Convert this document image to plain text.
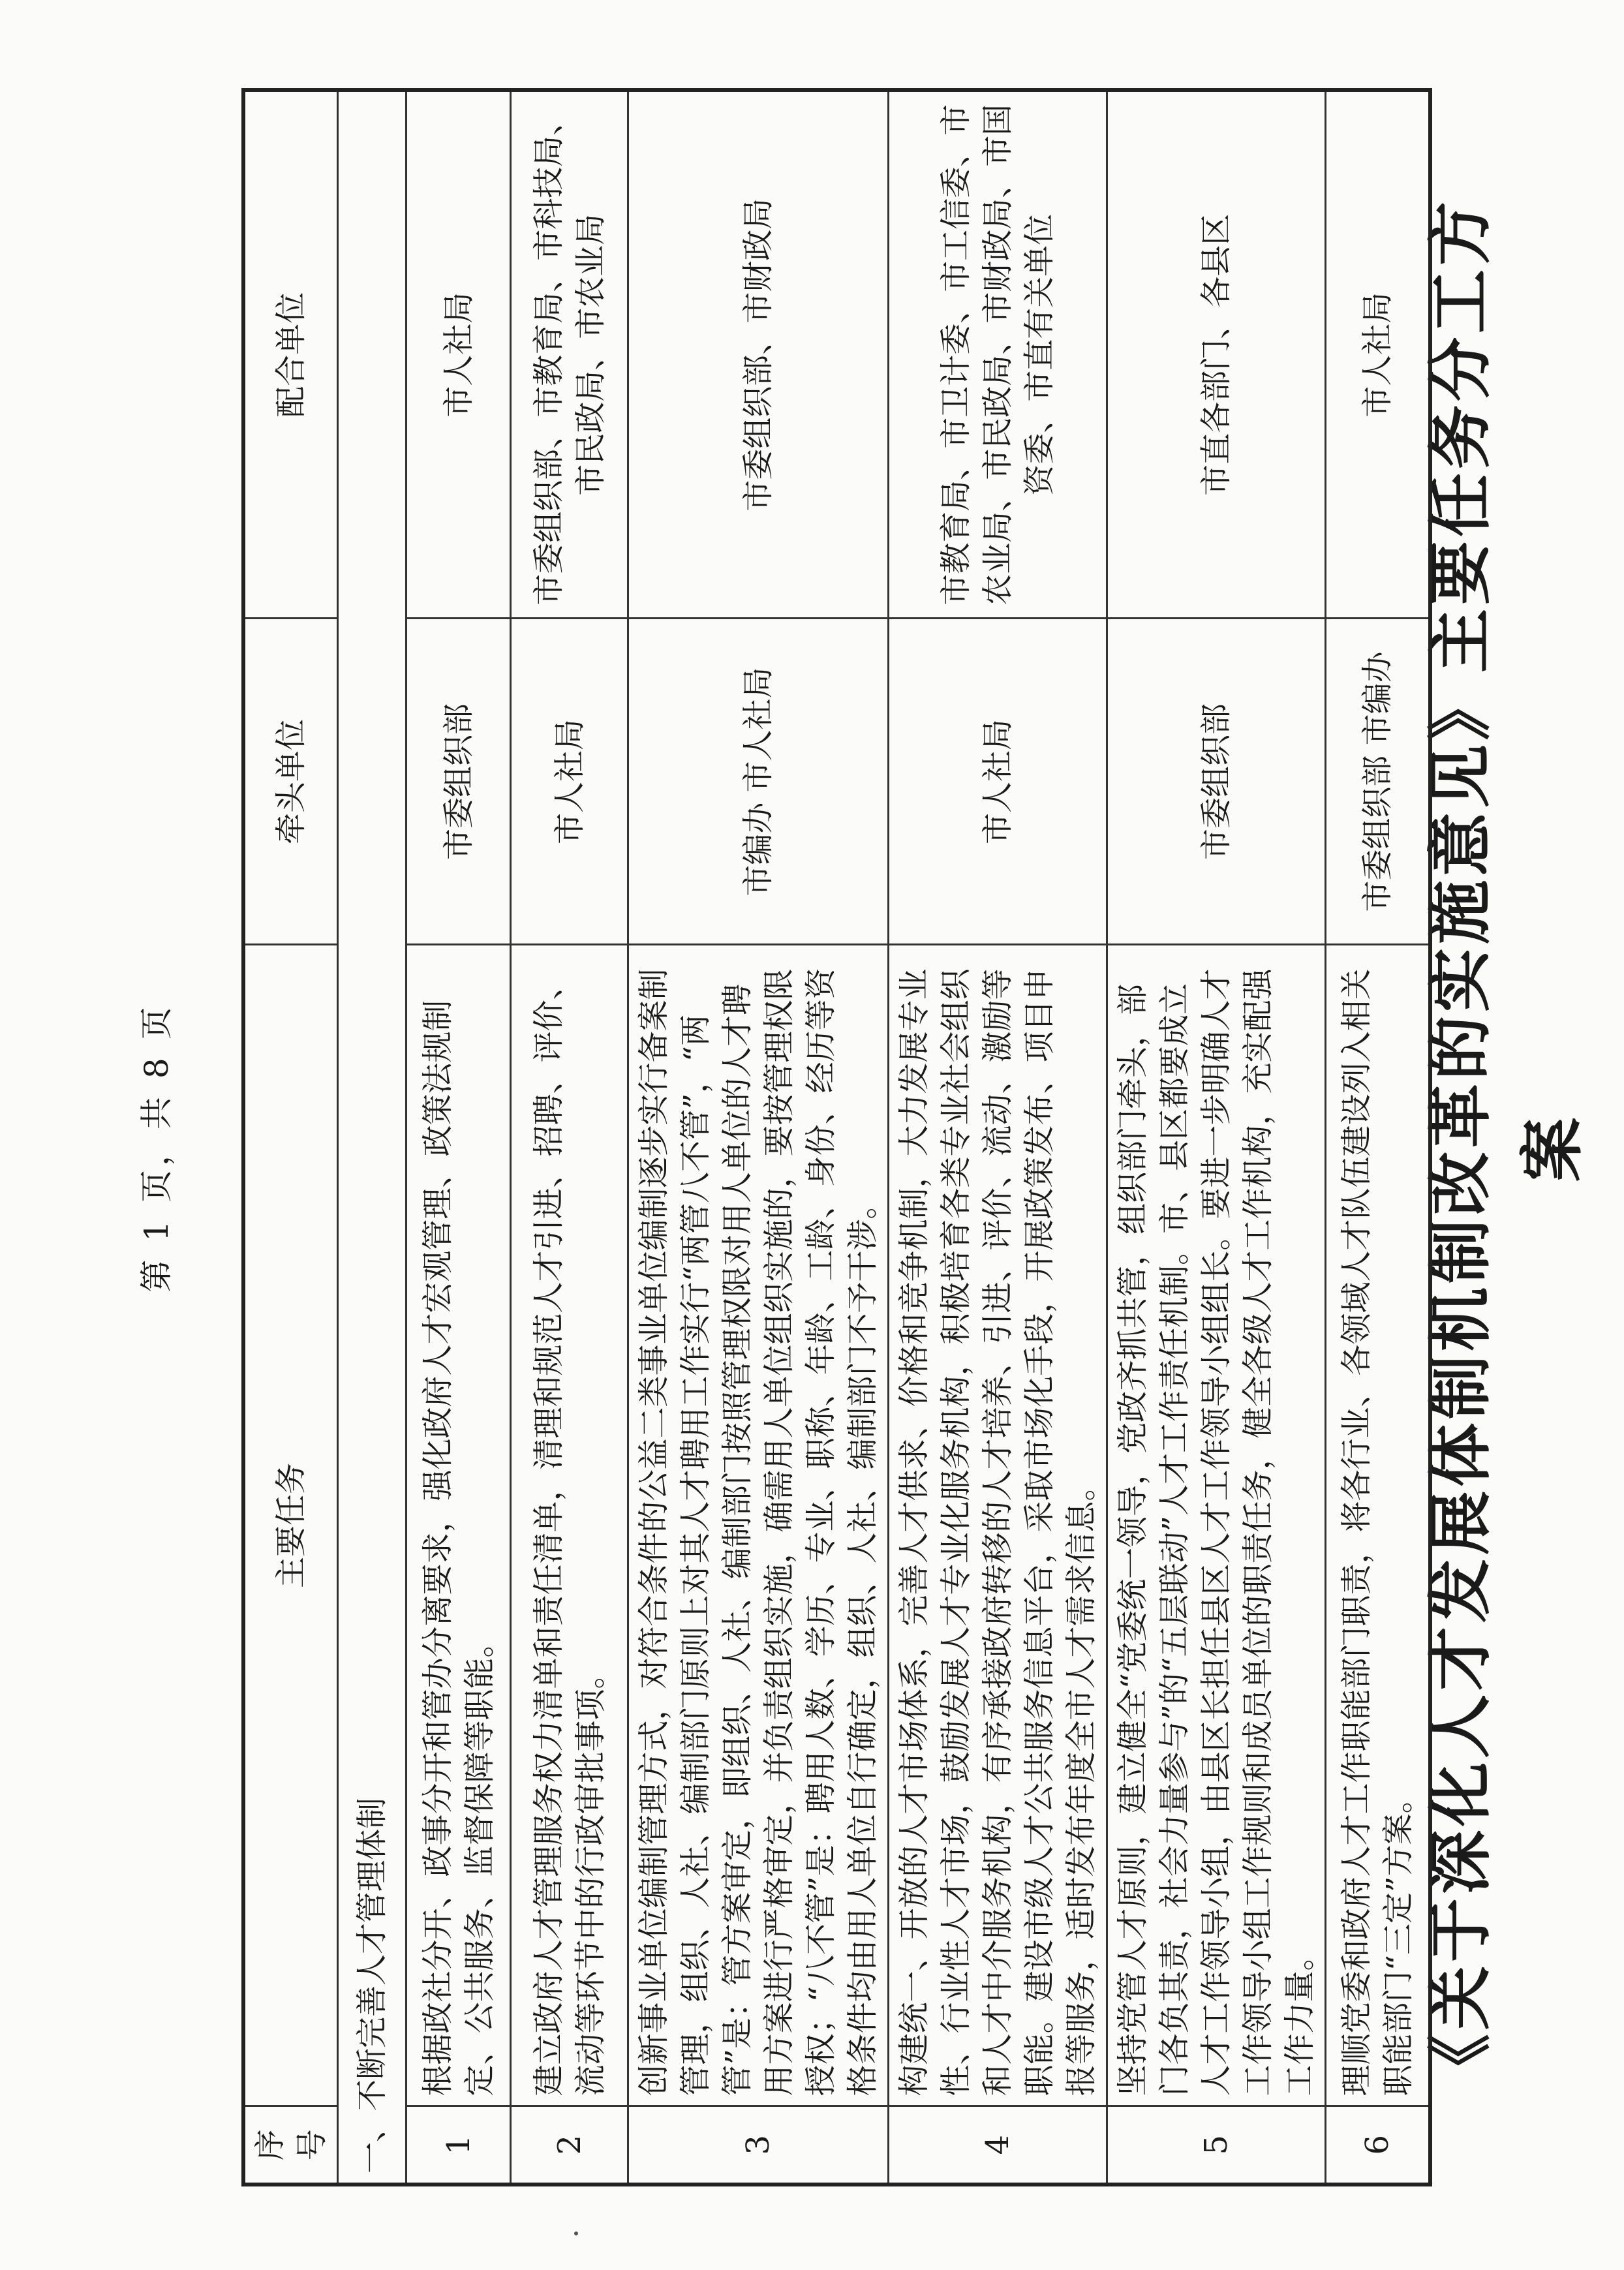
《关于深化人才发展体制机制改革的实施意见》主要任务分工方案
序号	主要任务	牵头单位	配合单位
一、不断完善人才管理体制			
1	根据政社分开、政事分开和管办分离要求，强化政府人才宏观管理、政策法规制定、公共服务、监督保障等职能。	市委组织部	市人社局
2	建立政府人才管理服务权力清单和责任清单，清理和规范人才引进、招聘、评价、流动等环节中的行政审批事项。	市人社局	市委组织部、市教育局、市科技局、市民政局、市农业局
3	创新事业单位编制管理方式，对符合条件的公益二类事业单位编制逐步实行备案制管理，组织、人社、编制部门原则上对其人才聘用工作实行“两管八不管”，“两管”是：管方案审定，即组织、人社、编制部门按照管理权限对用人单位的人才聘用方案进行严格审定，并负责组织实施，确需用人单位组织实施的，要按管理权限授权；“八不管”是：聘用人数、学历、专业、职称、年龄、工龄、身份、经历等资格条件均由用人单位自行确定，组织、人社、编制部门不予干涉。	市编办 市人社局	市委组织部、市财政局
4	构建统一、开放的人才市场体系，完善人才供求、价格和竞争机制，大力发展专业性、行业性人才市场，鼓励发展人才专业化服务机构，积极培育各类专业社会组织和人才中介服务机构，有序承接政府转移的人才培养、引进、评价、流动、激励等职能。建设市级人才公共服务信息平台，采取市场化手段，开展政策发布、项目申报等服务，适时发布年度全市人才需求信息。	市人社局	市教育局、市卫计委、市工信委、市农业局、市民政局、市财政局、市国资委、市直有关单位
5	坚持党管人才原则，建立健全“党委统一领导，党政齐抓共管，组织部门牵头，部门各负其责，社会力量参与”的“五层联动”人才工作责任机制。市、县区都要成立人才工作领导小组，由县区长担任县区人才工作领导小组组长。要进一步明确人才工作领导小组工作规则和成员单位的职责任务，健全各级人才工作机构，充实配强工作力量。	市委组织部	市直各部门、各县区
6	理顺党委和政府人才工作职能部门职责，将各行业、各领域人才队伍建设列入相关职能部门“三定”方案。	市委组织部 市编办	市人社局
第 1 页，共 8 页
